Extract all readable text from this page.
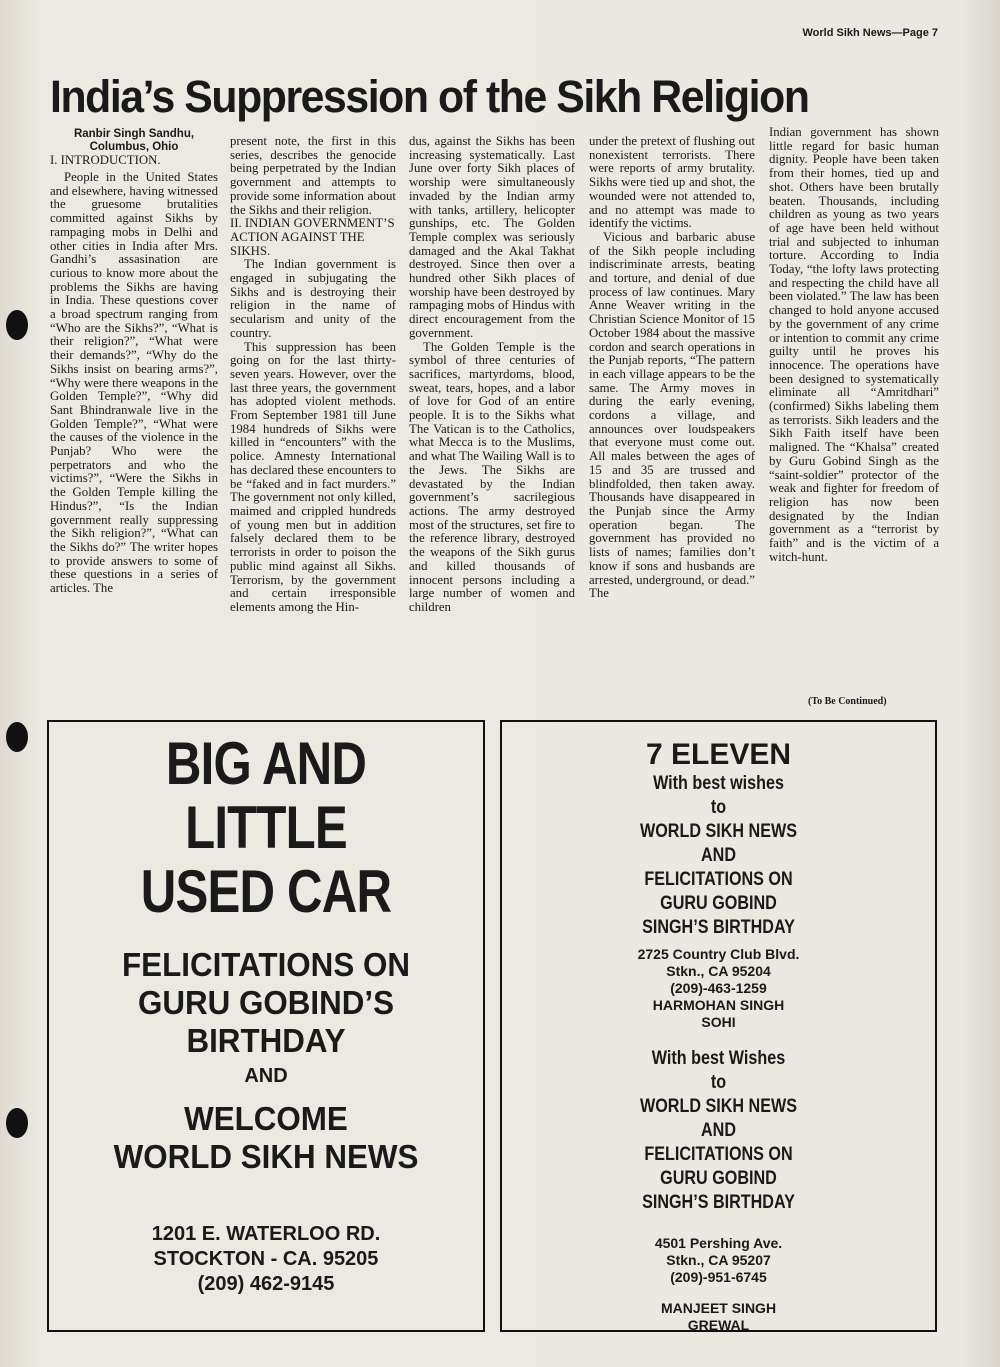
World Sikh News—Page 7
India’s Suppression of the Sikh Religion
Ranbir Singh Sandhu,
Columbus, Ohio

I. INTRODUCTION.

People in the United States and elsewhere, having witnessed the gruesome brutalities committed against Sikhs by rampaging mobs in Delhi and other cities in India after Mrs. Gandhi’s assasination are curious to know more about the problems the Sikhs are having in India. These questions cover a broad spectrum ranging from “Who are the Sikhs?”, “What is their religion?”, “What were their demands?”, “Why do the Sikhs insist on bearing arms?”, “Why were there weapons in the Golden Temple?”, “Why did Sant Bhindranwale live in the Golden Temple?”, “What were the causes of the violence in the Punjab? Who were the perpetrators and who the victims?”, “Were the Sikhs in the Golden Temple killing the Hindus?”, “Is the Indian government really suppressing the Sikh religion?”, “What can the Sikhs do?” The writer hopes to provide answers to some of these questions in a series of articles. The

present note, the first in this series, describes the genocide being perpetrated by the Indian government and attempts to provide some information about the Sikhs and their religion.

II. INDIAN GOVERNMENT’S ACTION AGAINST THE SIKHS.

The Indian government is engaged in subjugating the Sikhs and is destroying their religion in the name of secularism and unity of the country.

This suppression has been going on for the last thirty-seven years. However, over the last three years, the government has adopted violent methods. From September 1981 till June 1984 hundreds of Sikhs were killed in “encounters” with the police. Amnesty International has declared these encounters to be “faked and in fact murders.” The government not only killed, maimed and crippled hundreds of young men but in addition falsely declared them to be terrorists in order to poison the public mind against all Sikhs. Terrorism, by the government and certain irresponsible elements among the Hin-

dus, against the Sikhs has been increasing systematically. Last June over forty Sikh places of worship were simultaneously invaded by the Indian army with tanks, artillery, helicopter gunships, etc. The Golden Temple complex was seriously damaged and the Akal Takhat destroyed. Since then over a hundred other Sikh places of worship have been destroyed by rampaging mobs of Hindus with direct encouragement from the government.

The Golden Temple is the symbol of three centuries of sacrifices, martyrdoms, blood, sweat, tears, hopes, and a labor of love for God of an entire people. It is to the Sikhs what The Vatican is to the Catholics, what Mecca is to the Muslims, and what The Wailing Wall is to the Jews. The Sikhs are devastated by the Indian government’s sacrilegious actions. The army destroyed most of the structures, set fire to the reference library, destroyed the weapons of the Sikh gurus and killed thousands of innocent persons including a large number of women and children

under the pretext of flushing out nonexistent terrorists. There were reports of army brutality. Sikhs were tied up and shot, the wounded were not attended to, and no attempt was made to identify the victims.

Vicious and barbaric abuse of the Sikh people including indiscriminate arrests, beating and torture, and denial of due process of law continues. Mary Anne Weaver writing in the Christian Science Monitor of 15 October 1984 about the massive cordon and search operations in the Punjab reports, “The pattern in each village appears to be the same. The Army moves in during the early evening, cordons a village, and announces over loudspeakers that everyone must come out. All males between the ages of 15 and 35 are trussed and blindfolded, then taken away. Thousands have disappeared in the Punjab since the Army operation began. The government has provided no lists of names; families don’t know if sons and husbands are arrested, underground, or dead.” The

Indian government has shown little regard for basic human dignity. People have been taken from their homes, tied up and shot. Others have been brutally beaten. Thousands, including children as young as two years of age have been held without trial and subjected to inhuman torture. According to India Today, “the lofty laws protecting and respecting the child have all been violated.” The law has been changed to hold anyone accused by the government of any crime or intention to commit any crime guilty until he proves his innocence. The operations have been designed to systematically eliminate all “Amritdhari” (confirmed) Sikhs labeling them as terrorists. Sikh leaders and the Sikh Faith itself have been maligned. The “Khalsa” created by Guru Gobind Singh as the “saint-soldier” protector of the weak and fighter for freedom of religion has now been designated by the Indian government as a “terrorist by faith” and is the victim of a witch-hunt.

(To Be Continued)
BIG AND
LITTLE
USED CAR
FELICITATIONS ON
GURU GOBIND’S
BIRTHDAY
AND
WELCOME
WORLD SIKH NEWS
1201 E. WATERLOO RD.
STOCKTON - CA. 95205
(209) 462-9145
7 ELEVEN
With best wishes
to
WORLD SIKH NEWS
AND
FELICITATIONS ON
GURU GOBIND
SINGH’S BIRTHDAY
2725 Country Club Blvd.
Stkn., CA 95204
(209)-463-1259
HARMOHAN SINGH
SOHI
With best Wishes
to
WORLD SIKH NEWS
AND
FELICITATIONS ON
GURU GOBIND
SINGH’S BIRTHDAY
4501 Pershing Ave.
Stkn., CA 95207
(209)-951-6745
MANJEET SINGH
GREWAL
